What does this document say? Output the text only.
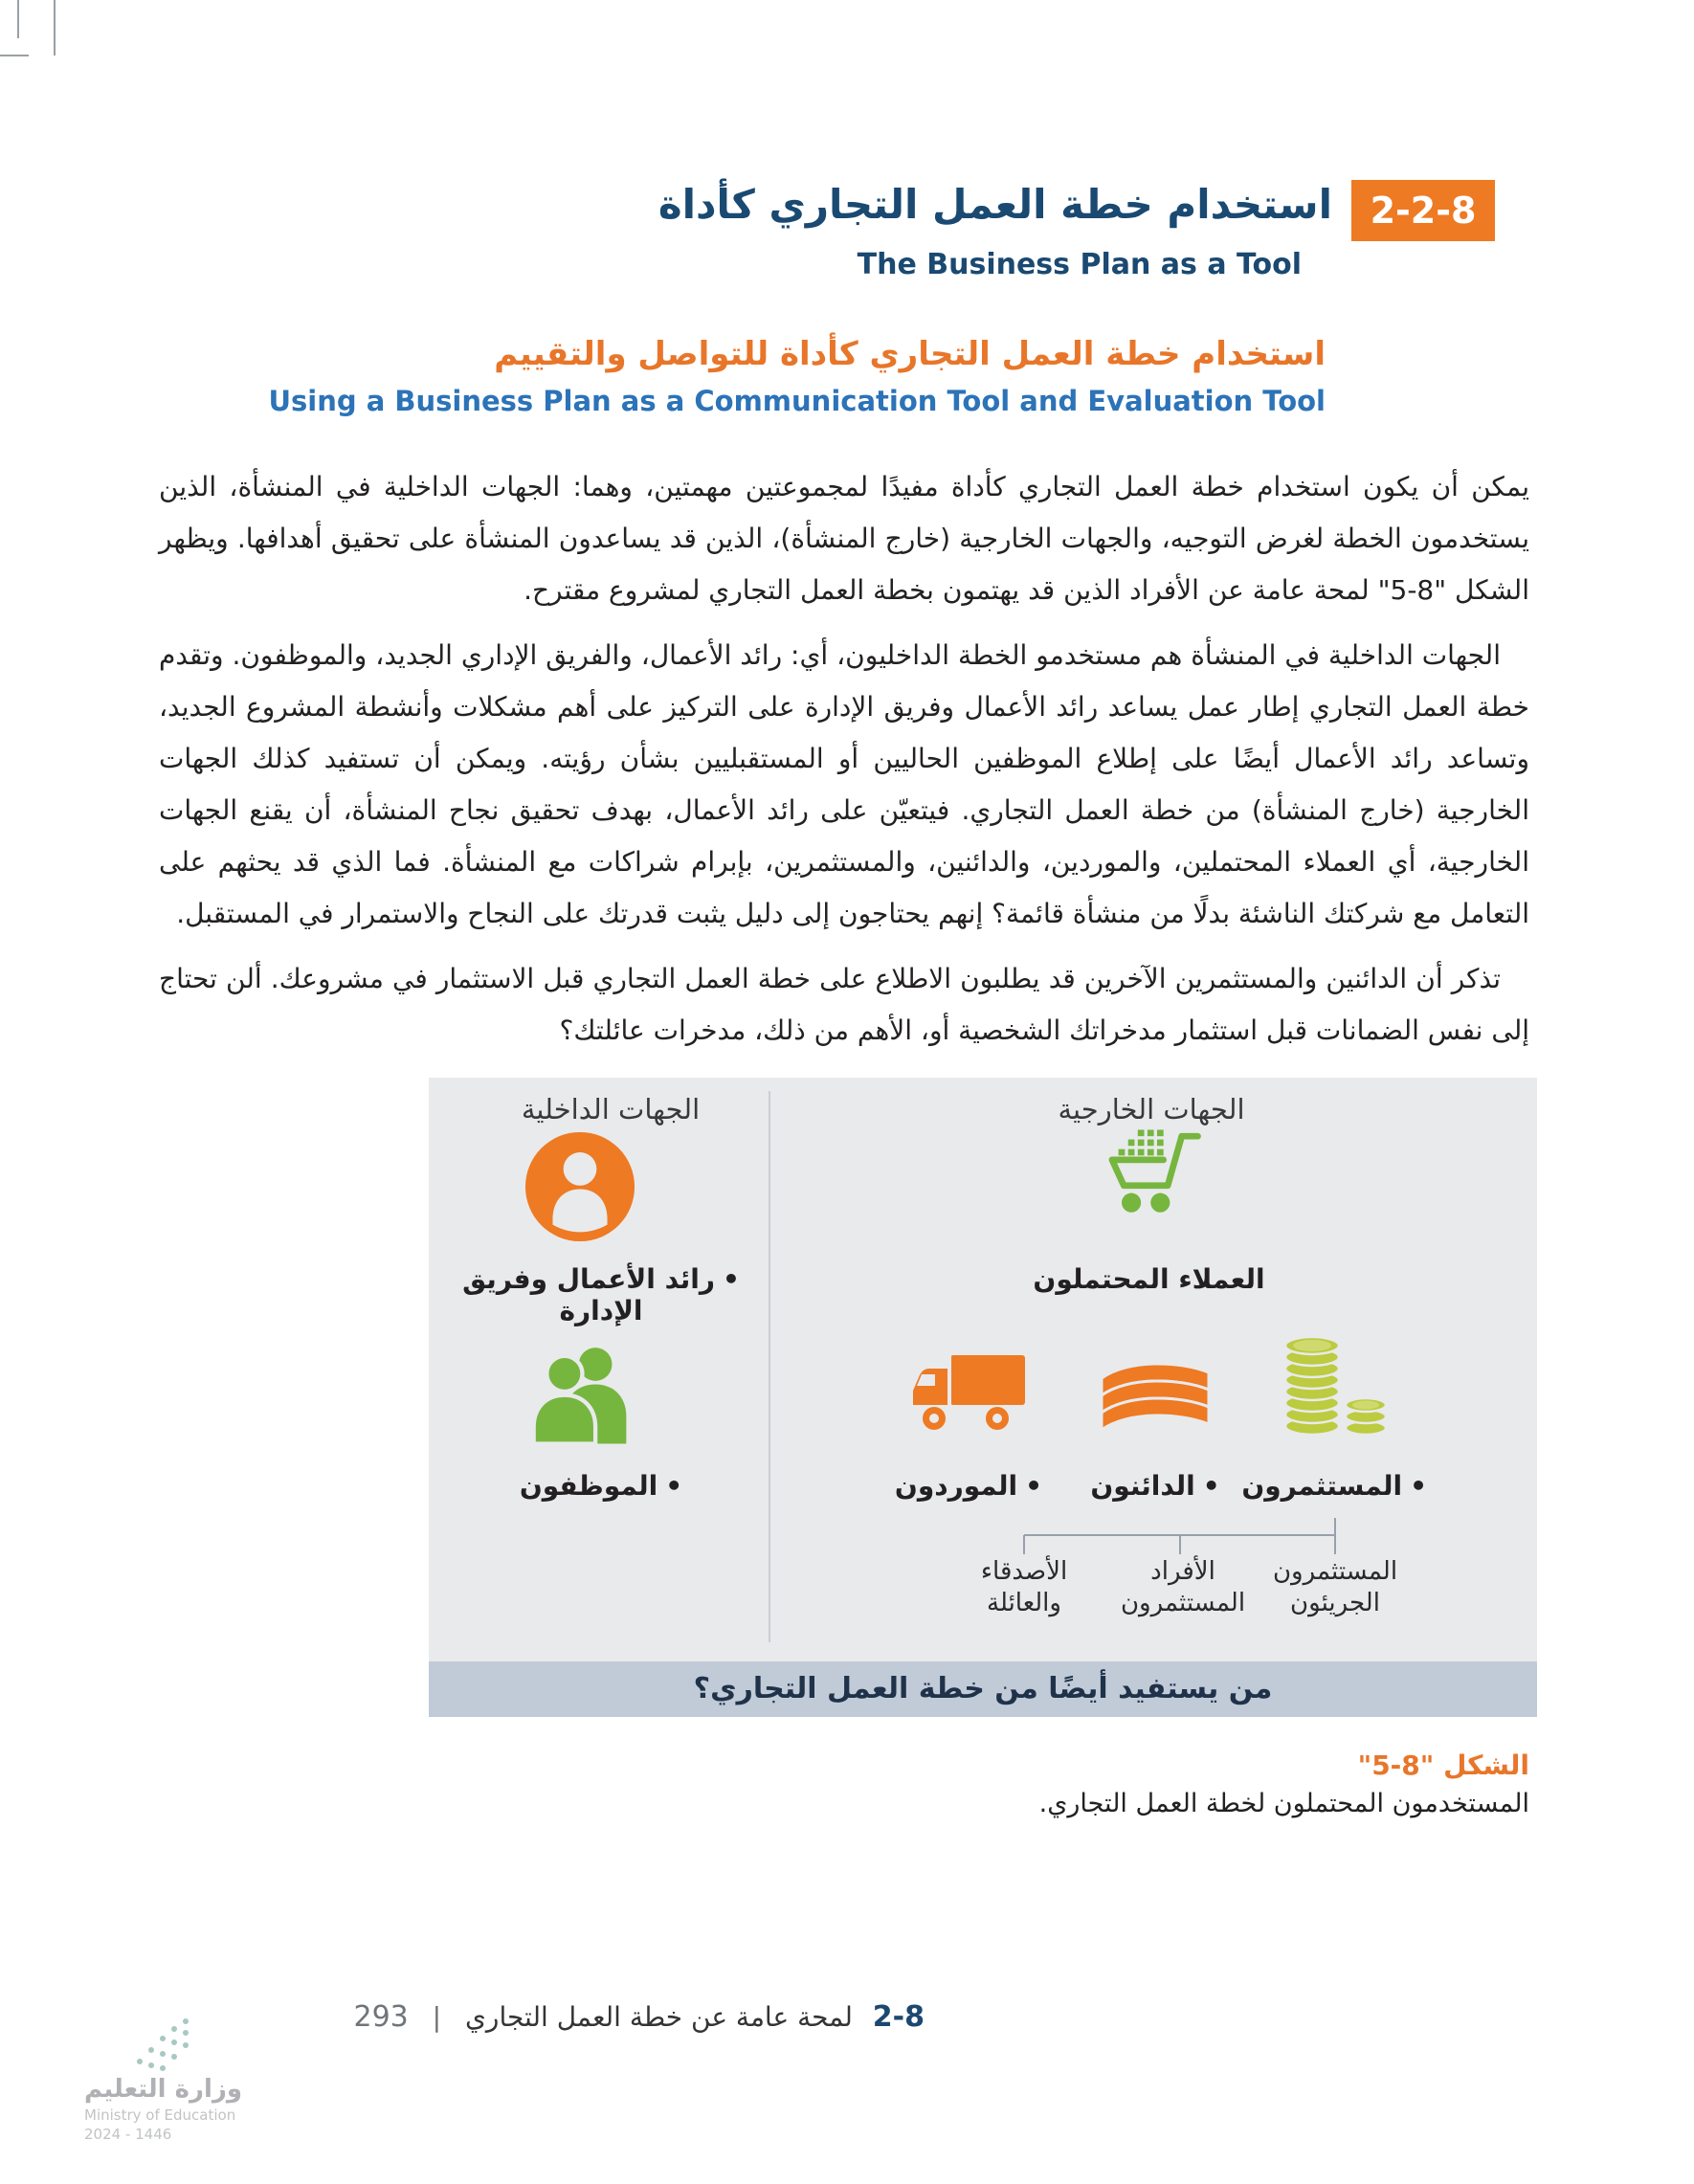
2-2-8
استخدام خطة العمل التجاري كأداة
The Business Plan as a Tool
استخدام خطة العمل التجاري كأداة للتواصل والتقييم
Using a Business Plan as a Communication Tool and Evaluation Tool

يمكن أن يكون استخدام خطة العمل التجاري كأداة مفيدًا لمجموعتين مهمتين، وهما: الجهات الداخلية في المنشأة، الذين يستخدمون الخطة لغرض التوجيه، والجهات الخارجية (خارج المنشأة)، الذين قد يساعدون المنشأة على تحقيق أهدافها. ويظهر الشكل "8-5" لمحة عامة عن الأفراد الذين قد يهتمون بخطة العمل التجاري لمشروع مقترح.

الجهات الداخلية في المنشأة هم مستخدمو الخطة الداخليون، أي: رائد الأعمال، والفريق الإداري الجديد، والموظفون. وتقدم خطة العمل التجاري إطار عمل يساعد رائد الأعمال وفريق الإدارة على التركيز على أهم مشكلات وأنشطة المشروع الجديد، وتساعد رائد الأعمال أيضًا على إطلاع الموظفين الحاليين أو المستقبليين بشأن رؤيته. ويمكن أن تستفيد كذلك الجهات الخارجية (خارج المنشأة) من خطة العمل التجاري. فيتعيّن على رائد الأعمال، بهدف تحقيق نجاح المنشأة، أن يقنع الجهات الخارجية، أي العملاء المحتملين، والموردين، والدائنين، والمستثمرين، بإبرام شراكات مع المنشأة. فما الذي قد يحثهم على التعامل مع شركتك الناشئة بدلًا من منشأة قائمة؟ إنهم يحتاجون إلى دليل يثبت قدرتك على النجاح والاستمرار في المستقبل.

تذكر أن الدائنين والمستثمرين الآخرين قد يطلبون الاطلاع على خطة العمل التجاري قبل الاستثمار في مشروعك. ألن تحتاج إلى نفس الضمانات قبل استثمار مدخراتك الشخصية أو، الأهم من ذلك، مدخرات عائلتك؟

الجهات الداخلية	الجهات الخارجية
•رائد الأعمال وفريق الإدارة
•الموظفون
العملاء المحتملون
•الموردون	•الدائنون	•المستثمرون
الأصدقاء والعائلة
الأفراد المستثمرون
المستثمرون الجريئون
من يستفيد أيضًا من خطة العمل التجاري؟
الشكل "8-5"
المستخدمون المحتملون لخطة العمل التجاري.
2-8 لمحة عامة عن خطة العمل التجاري | 293
وزارة التعليم
Ministry of Education
2024 - 1446
